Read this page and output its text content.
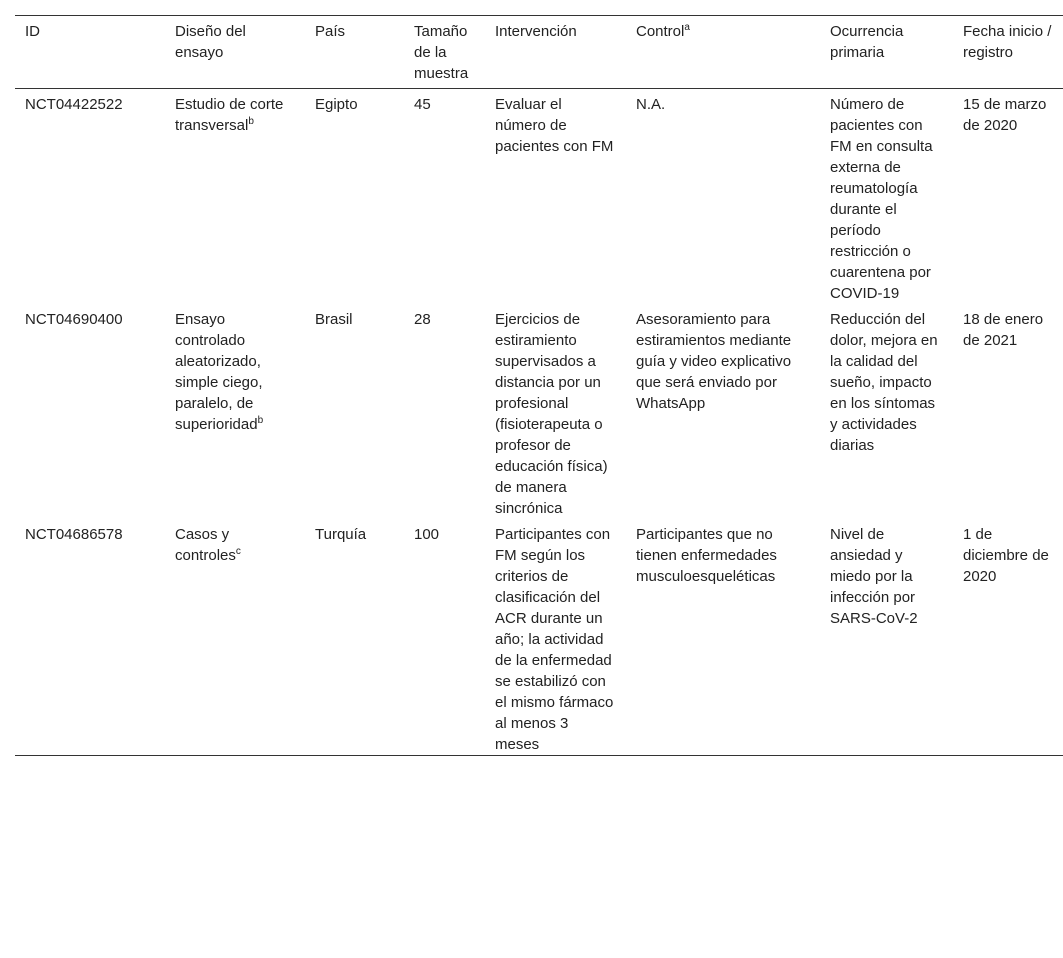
ID	Diseño del ensayo	País	Tamaño de la muestra	Intervención	Control$^a$	Ocurrencia primaria	Fecha inicio / registro
NCT04422522	Estudio de corte transversal$^b$	Egipto	45	Evaluar el número de pacientes con FM	N.A.	Número de pacientes con FM en consulta externa de reumatología durante el período restricción o cuarentena por COVID-19	15 de marzo de 2020
NCT04690400	Ensayo controlado aleatorizado, simple ciego, paralelo, de superioridad$^b$	Brasil	28	Ejercicios de estiramiento supervisados a distancia por un profesional (fisioterapeuta o profesor de educación física) de manera sincrónica	Asesoramiento para estiramientos mediante guía y video explicativo que será enviado por WhatsApp	Reducción del dolor, mejora en la calidad del sueño, impacto en los síntomas y actividades diarias	18 de enero de 2021
NCT04686578	Casos y controles$^c$	Turquía	100	Participantes con FM según los criterios de clasificación del ACR durante un año; la actividad de la enfermedad se estabilizó con el mismo fármaco al menos 3 meses	Participantes que no tienen enfermedades musculoesqueléticas	Nivel de ansiedad y miedo por la infección por SARS-CoV-2	1 de diciembre de 2020
